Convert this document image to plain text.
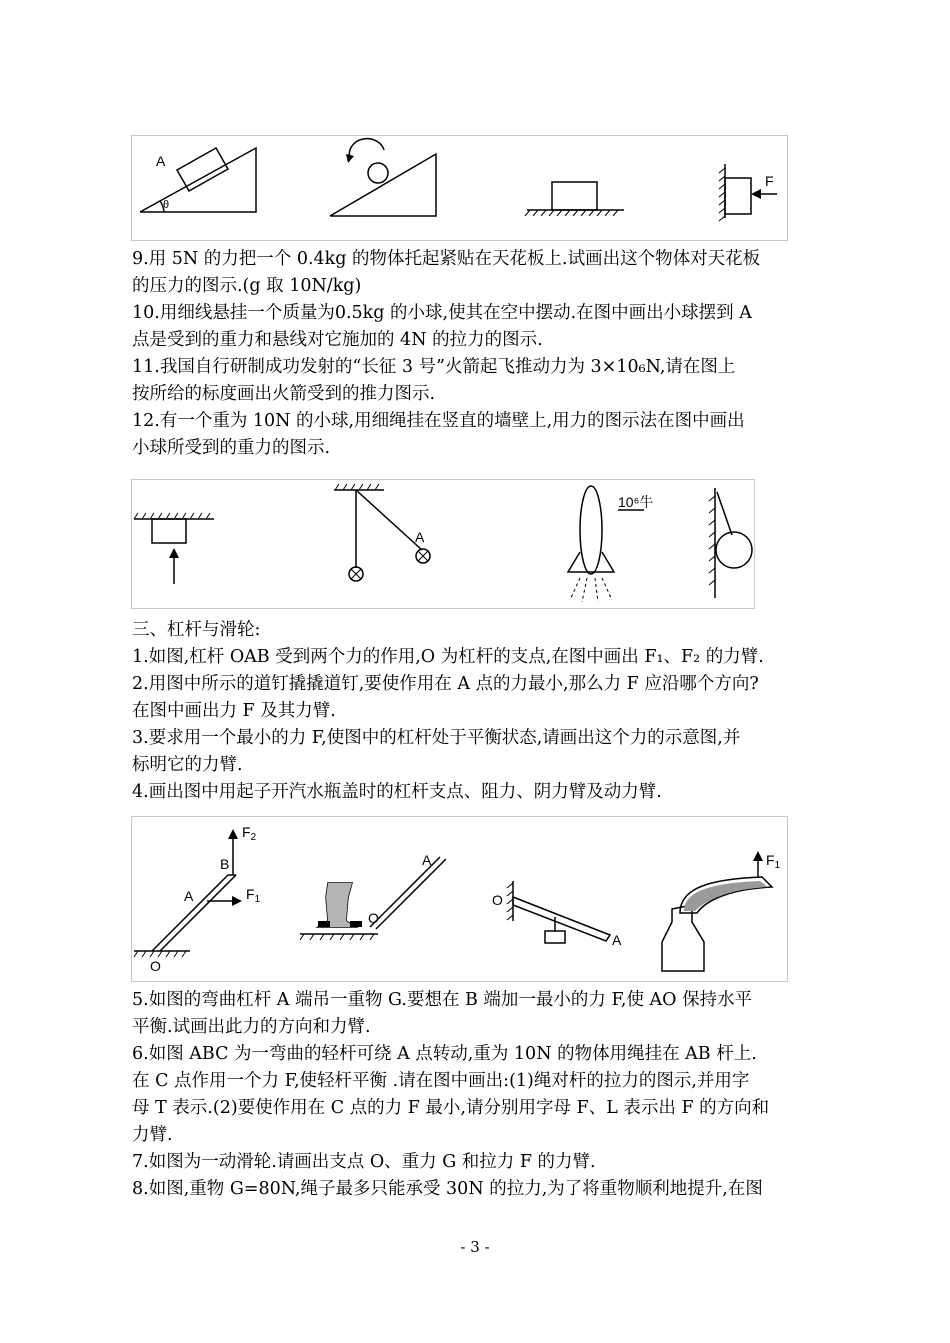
A
θ
F

9.用 5N 的力把一个 0.4kg 的物体托起紧贴在天花板上.试画出这个物体对天花板

的压力的图示.(g 取 10N/kg)

10.用细线悬挂一个质量为0.5kg 的小球,使其在空中摆动.在图中画出小球摆到 A

点是受到的重力和悬线对它施加的 4N 的拉力的图示.

11.我国自行研制成功发射的“长征 3 号”火箭起飞推动力为 3×10₆N,请在图上

按所给的标度画出火箭受到的推力图示.

12.有一个重为 10N 的小球,用细绳挂在竖直的墙壁上,用力的图示法在图中画出

小球所受到的重力的图示.

A
10⁶牛

三、杠杆与滑轮:

1.如图,杠杆 OAB 受到两个力的作用,O 为杠杆的支点,在图中画出 F₁、F₂ 的力臂.

2.用图中所示的道钉撬撬道钉,要使作用在 A 点的力最小,那么力 F 应沿哪个方向?

在图中画出力 F 及其力臂.

3.要求用一个最小的力 F,使图中的杠杆处于平衡状态,请画出这个力的示意图,并

标明它的力臂.

4.画出图中用起子开汽水瓶盖时的杠杆支点、阻力、阴力臂及动力臂.

$F_2$
B
A	$F_1$
O
A
O
O
A
$F_1$

5.如图的弯曲杠杆 A 端吊一重物 G.要想在 B 端加一最小的力 F,使 AO 保持水平

平衡.试画出此力的方向和力臂.

6.如图 ABC 为一弯曲的轻杆可绕 A 点转动,重为 10N 的物体用绳挂在 AB 杆上.

在 C 点作用一个力 F,使轻杆平衡 .请在图中画出:(1)绳对杆的拉力的图示,并用字

母 T 表示.(2)要使作用在 C 点的力 F 最小,请分别用字母 F、L 表示出 F 的方向和

力臂.

7.如图为一动滑轮.请画出支点 O、重力 G 和拉力 F 的力臂.

8.如图,重物 G=80N,绳子最多只能承受 30N 的拉力,为了将重物顺利地提升,在图

- 3 -
